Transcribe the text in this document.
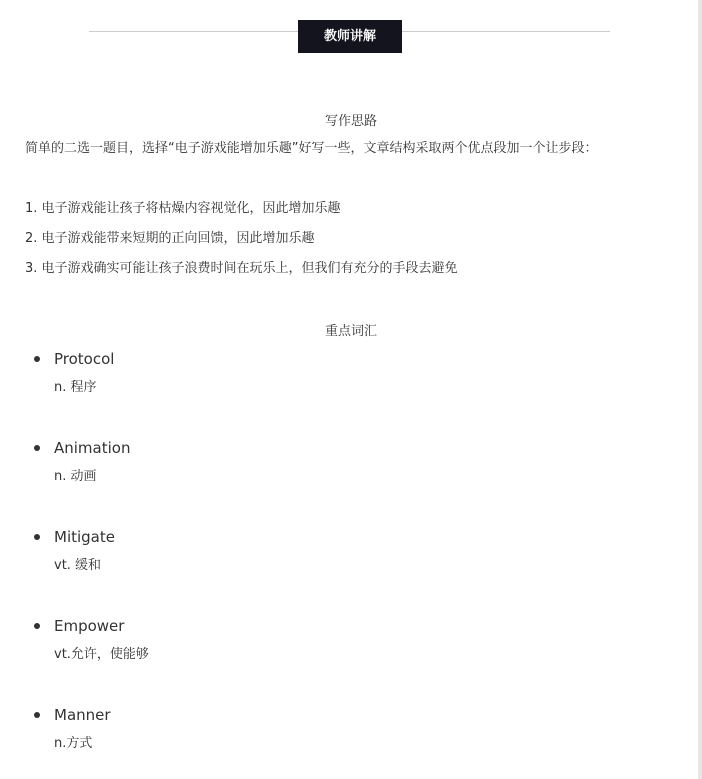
教师讲解
写作思路
简单的二选一题目，选择“电子游戏能增加乐趣”好写一些，文章结构采取两个优点段加一个让步段：
1. 电子游戏能让孩子将枯燥内容视觉化，因此增加乐趣
2. 电子游戏能带来短期的正向回馈，因此增加乐趣
3. 电子游戏确实可能让孩子浪费时间在玩乐上，但我们有充分的手段去避免
重点词汇
Protocol
n. 程序
Animation
n. 动画
Mitigate
vt. 缓和
Empower
vt.允许，使能够
Manner
n.方式
